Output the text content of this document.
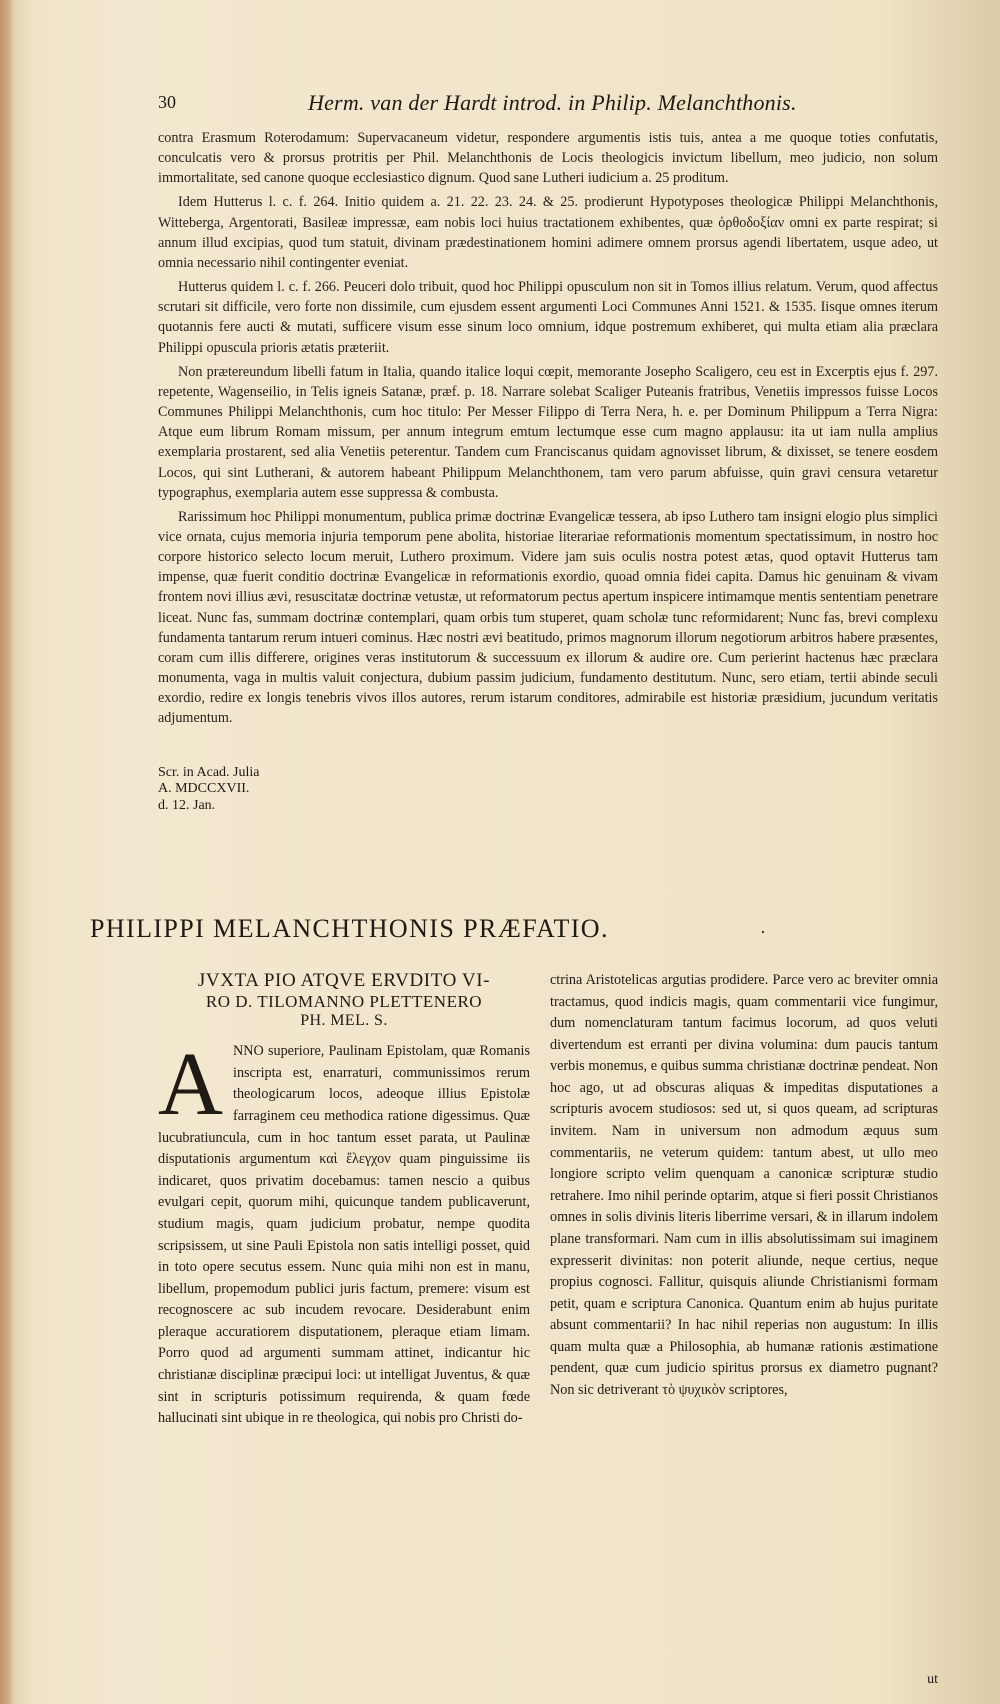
30	Herm. van der Hardt introd. in Philip. Melanchthonis.

contra Erasmum Roterodamum: Supervacaneum videtur, respondere argumentis istis tuis, antea a me quoque toties confutatis, conculcatis vero & prorsus protritis per Phil. Melanchthonis de Locis theologicis invictum libellum, meo judicio, non solum immortalitate, sed canone quoque ecclesiastico dignum. Quod sane Lutheri iudicium a. 25 proditum.

Idem Hutterus l. c. f. 264. Initio quidem a. 21. 22. 23. 24. & 25. prodierunt Hypotyposes theologicæ Philippi Melanchthonis, Witteberga, Argentorati, Basileæ impressæ, eam nobis loci huius tractationem exhibentes, quæ ὀρθοδοξίαν omni ex parte respirat; si annum illud excipias, quod tum statuit, divinam prædestinationem homini adimere omnem prorsus agendi libertatem, usque adeo, ut omnia necessario nihil contingenter eveniat.

Hutterus quidem l. c. f. 266. Peuceri dolo tribuit, quod hoc Philippi opusculum non sit in Tomos illius relatum. Verum, quod affectus scrutari sit difficile, vero forte non dissimile, cum ejusdem essent argumenti Loci Communes Anni 1521. & 1535. Iisque omnes iterum quotannis fere aucti & mutati, sufficere visum esse sinum loco omnium, idque postremum exhiberet, qui multa etiam alia præclara Philippi opuscula prioris ætatis præteriit.

Non prætereundum libelli fatum in Italia, quando italice loqui cœpit, memorante Josepho Scaligero, ceu est in Excerptis ejus f. 297. repetente, Wagenseilio, in Telis igneis Satanæ, præf. p. 18. Narrare solebat Scaliger Puteanis fratribus, Venetiis impressos fuisse Locos Communes Philippi Melanchthonis, cum hoc titulo: Per Messer Filippo di Terra Nera, h. e. per Dominum Philippum a Terra Nigra: Atque eum librum Romam missum, per annum integrum emtum lectumque esse cum magno applausu: ita ut iam nulla amplius exemplaria prostarent, sed alia Venetiis peterentur. Tandem cum Franciscanus quidam agnovisset librum, & dixisset, se tenere eosdem Locos, qui sint Lutherani, & autorem habeant Philippum Melanchthonem, tam vero parum abfuisse, quin gravi censura vetaretur typographus, exemplaria autem esse suppressa & combusta.

Rarissimum hoc Philippi monumentum, publica primæ doctrinæ Evangelicæ tessera, ab ipso Luthero tam insigni elogio plus simplici vice ornata, cujus memoria injuria temporum pene abolita, historiae literariae reformationis momentum spectatissimum, in nostro hoc corpore historico selecto locum meruit, Luthero proximum. Videre jam suis oculis nostra potest ætas, quod optavit Hutterus tam impense, quæ fuerit conditio doctrinæ Evangelicæ in reformationis exordio, quoad omnia fidei capita. Damus hic genuinam & vivam frontem novi illius ævi, resuscitatæ doctrinæ vetustæ, ut reformatorum pectus apertum inspicere intimamque mentis sententiam penetrare liceat. Nunc fas, summam doctrinæ contemplari, quam orbis tum stuperet, quam scholæ tunc reformidarent; Nunc fas, brevi complexu fundamenta tantarum rerum intueri cominus. Hæc nostri ævi beatitudo, primos magnorum illorum negotiorum arbitros habere præsentes, coram cum illis differere, origines veras institutorum & successuum ex illorum & audire ore. Cum perierint hactenus hæc præclara monumenta, vaga in multis valuit conjectura, dubium passim judicium, fundamento destitutum. Nunc, sero etiam, tertii abinde seculi exordio, redire ex longis tenebris vivos illos autores, rerum istarum conditores, admirabile est historiæ præsidium, jucundum veritatis adjumentum.

Scr. in Acad. Julia
A. MDCCXVII.
d. 12. Jan.
PHILIPPI MELANCHTHONIS PRÆFATIO.	·
JVXTA PIO ATQVE ERVDITO VI-
RO D. TILOMANNO PLETTENERO
PH. MEL. S.
A NNO superiore, Paulinam Epistolam, quæ Romanis inscripta est, enarraturi, communissimos rerum theologicarum locos, adeoque illius Epistolæ farraginem ceu methodica ratione digessimus. Quæ lucubratiuncula, cum in hoc tantum esset parata, ut Paulinæ disputationis argumentum καὶ ἔλεγχον quam pinguissime iis indicaret, quos privatim docebamus: tamen nescio a quibus evulgari cepit, quorum mihi, quicunque tandem publicaverunt, studium magis, quam judicium probatur, nempe quodita scripsissem, ut sine Pauli Epistola non satis intelligi posset, quid in toto opere secutus essem. Nunc quia mihi non est in manu, libellum, propemodum publici juris factum, premere: visum est recognoscere ac sub incudem revocare. Desiderabunt enim pleraque accuratiorem disputationem, pleraque etiam limam. Porro quod ad argumenti summam attinet, indicantur hic christianæ disciplinæ præcipui loci: ut intelligat Juventus, & quæ sint in scripturis potissimum requirenda, & quam fœde hallucinati sint ubique in re theologica, qui nobis pro Christi do-
ctrina Aristotelicas argutias prodidere. Parce vero ac breviter omnia tractamus, quod indicis magis, quam commentarii vice fungimur, dum nomenclaturam tantum facimus locorum, ad quos veluti divertendum est erranti per divina volumina: dum paucis tantum verbis monemus, e quibus summa christianæ doctrinæ pendeat. Non hoc ago, ut ad obscuras aliquas & impeditas disputationes a scripturis avocem studiosos: sed ut, si quos queam, ad scripturas invitem. Nam in universum non admodum æquus sum commentariis, ne veterum quidem: tantum abest, ut ullo meo longiore scripto velim quenquam a canonicæ scripturæ studio retrahere. Imo nihil perinde optarim, atque si fieri possit Christianos omnes in solis divinis literis liberrime versari, & in illarum indolem plane transformari. Nam cum in illis absolutissimam sui imaginem expresserit divinitas: non poterit aliunde, neque certius, neque propius cognosci. Fallitur, quisquis aliunde Christianismi formam petit, quam e scriptura Canonica. Quantum enim ab hujus puritate absunt commentarii? In hac nihil reperias non augustum: In illis quam multa quæ a Philosophia, ab humanæ rationis æstimatione pendent, quæ cum judicio spiritus prorsus ex diametro pugnant? Non sic detriverant τὸ ψυχικὸν scriptores,
ut
